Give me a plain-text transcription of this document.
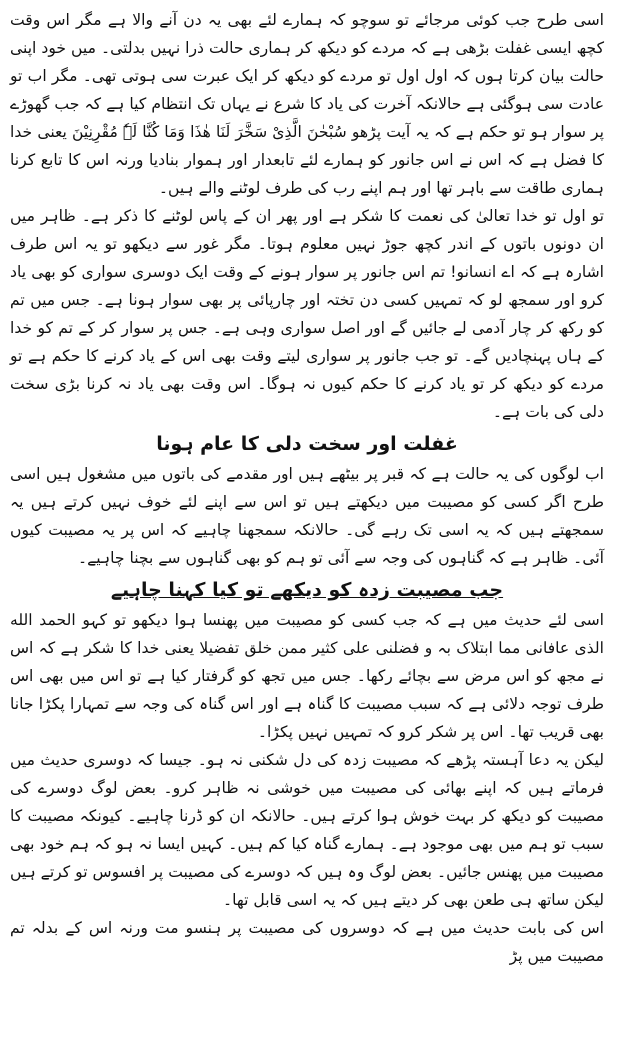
اسی طرح جب کوئی مرجائے تو سوچو کہ ہمارے لئے بھی یہ دن آنے والا ہے مگر اس وقت کچھ ایسی غفلت بڑھی ہے کہ مردے کو دیکھ کر ہماری حالت ذرا نہیں بدلتی۔ میں خود اپنی حالت بیان کرتا ہوں کہ اول اول تو مردے کو دیکھ کر ایک عبرت سی ہوتی تھی۔ مگر اب تو عادت سی ہوگئی ہے حالانکہ آخرت کی یاد کا شرع نے یہاں تک انتظام کیا ہے کہ جب گھوڑے پر سوار ہو تو حکم ہے کہ یہ آیت پڑھو سُبْحٰنَ الَّذِیْ سَخَّرَ لَنَا ھٰذَا وَمَا کُنَّا لَہٗ مُقْرِنِیْنَ یعنی خدا کا فضل ہے کہ اس نے اس جانور کو ہمارے لئے تابعدار اور ہموار بنادیا ورنہ اس کا تابع کرنا ہماری طاقت سے باہر تھا اور ہم اپنے رب کی طرف لوٹنے والے ہیں۔

تو اول تو خدا تعالیٰ کی نعمت کا شکر ہے اور پھر ان کے پاس لوٹنے کا ذکر ہے۔ ظاہر میں ان دونوں باتوں کے اندر کچھ جوڑ نہیں معلوم ہوتا۔ مگر غور سے دیکھو تو یہ اس طرف اشارہ ہے کہ اے انسانو! تم اس جانور پر سوار ہونے کے وقت ایک دوسری سواری کو بھی یاد کرو اور سمجھ لو کہ تمہیں کسی دن تختہ اور چارپائی پر بھی سوار ہونا ہے۔ جس میں تم کو رکھ کر چار آدمی لے جائیں گے اور اصل سواری وہی ہے۔ جس پر سوار کر کے تم کو خدا کے ہاں پہنچادیں گے۔ تو جب جانور پر سواری لیتے وقت بھی اس کے یاد کرنے کا حکم ہے تو مردے کو دیکھ کر تو یاد کرنے کا حکم کیوں نہ ہوگا۔ اس وقت بھی یاد نہ کرنا بڑی سخت دلی کی بات ہے۔

غفلت اور سخت دلی کا عام ہونا

اب لوگوں کی یہ حالت ہے کہ قبر پر بیٹھے ہیں اور مقدمے کی باتوں میں مشغول ہیں اسی طرح اگر کسی کو مصیبت میں دیکھتے ہیں تو اس سے اپنے لئے خوف نہیں کرتے ہیں یہ سمجھتے ہیں کہ یہ اسی تک رہے گی۔ حالانکہ سمجھنا چاہیے کہ اس پر یہ مصیبت کیوں آئی۔ ظاہر ہے کہ گناہوں کی وجہ سے آئی تو ہم کو بھی گناہوں سے بچنا چاہیے۔

جب مصیبت زدہ کو دیکھے تو کیا کہنا چاہیے

اسی لئے حدیث میں ہے کہ جب کسی کو مصیبت میں پھنسا ہوا دیکھو تو کہو الحمد الله الذی عافانی مما ابتلاک بہ و فضلنی علی کثیر ممن خلق تفضیلا یعنی خدا کا شکر ہے کہ اس نے مجھ کو اس مرض سے بچائے رکھا۔ جس میں تجھ کو گرفتار کیا ہے تو اس میں بھی اس طرف توجہ دلائی ہے کہ سبب مصیبت کا گناہ ہے اور اس گناہ کی وجہ سے تمہارا پکڑا جانا بھی قریب تھا۔ اس پر شکر کرو کہ تمہیں نہیں پکڑا۔

لیکن یہ دعا آہستہ پڑھے کہ مصیبت زدہ کی دل شکنی نہ ہو۔ جیسا کہ دوسری حدیث میں فرماتے ہیں کہ اپنے بھائی کی مصیبت میں خوشی نہ ظاہر کرو۔ بعض لوگ دوسرے کی مصیبت کو دیکھ کر بہت خوش ہوا کرتے ہیں۔ حالانکہ ان کو ڈرنا چاہیے۔ کیونکہ مصیبت کا سبب تو ہم میں بھی موجود ہے۔ ہمارے گناہ کیا کم ہیں۔ کہیں ایسا نہ ہو کہ ہم خود بھی مصیبت میں پھنس جائیں۔ بعض لوگ وہ ہیں کہ دوسرے کی مصیبت پر افسوس تو کرتے ہیں لیکن ساتھ ہی طعن بھی کر دیتے ہیں کہ یہ اسی قابل تھا۔

اس کی بابت حدیث میں ہے کہ دوسروں کی مصیبت پر ہنسو مت ورنہ اس کے بدلہ تم مصیبت میں پڑ
